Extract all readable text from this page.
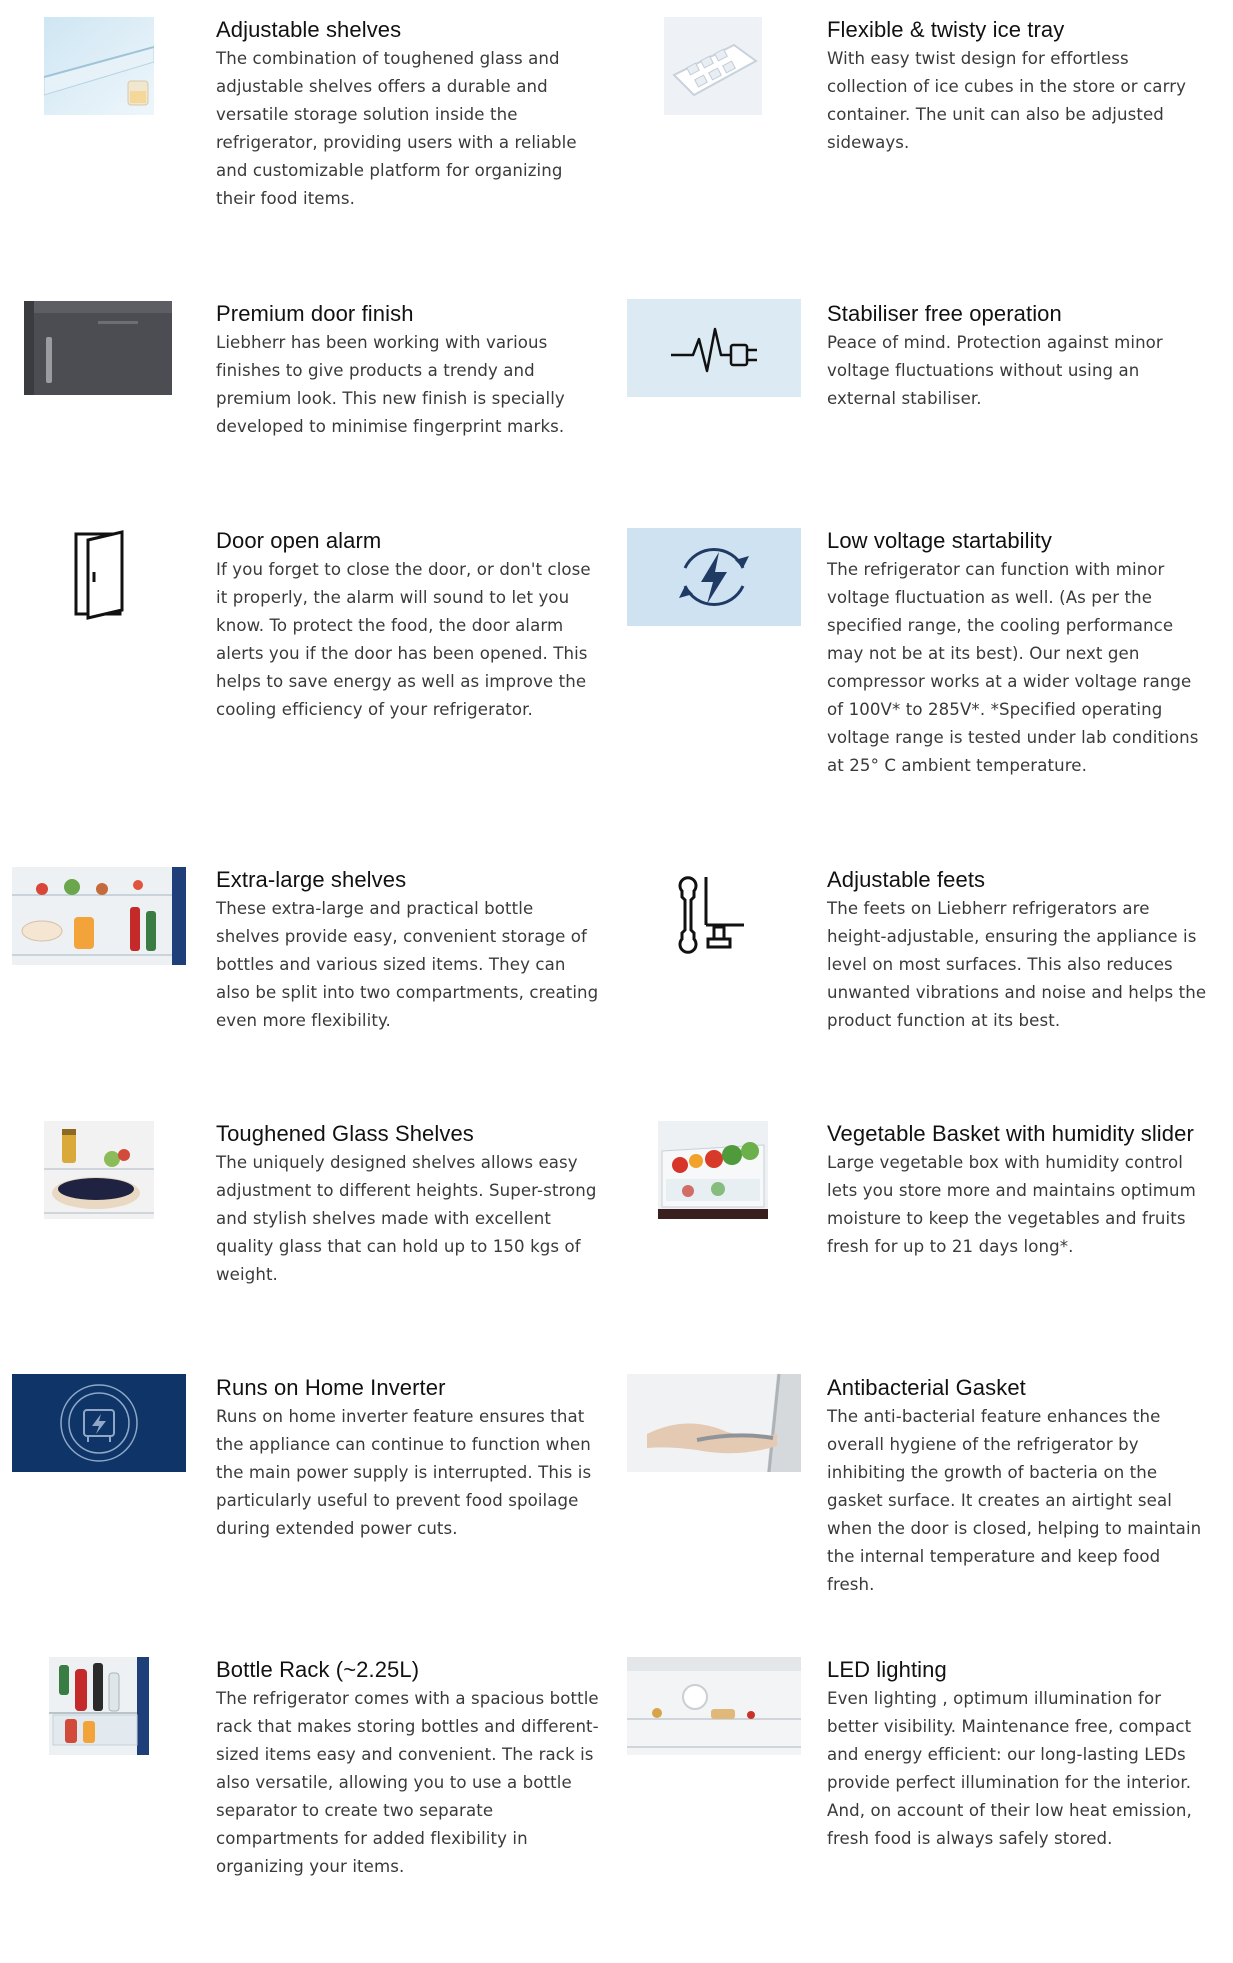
Adjustable shelves

The combination of toughened glass and adjustable shelves offers a durable and versatile storage solution inside the refrigerator, providing users with a reliable and customizable platform for organizing their food items.

Flexible & twisty ice tray

With easy twist design for effortless collection of ice cubes in the store or carry container. The unit can also be adjusted sideways.

Premium door finish

Liebherr has been working with various finishes to give products a trendy and premium look. This new finish is specially developed to minimise fingerprint marks.

Stabiliser free operation

Peace of mind. Protection against minor voltage fluctuations without using an external stabiliser.

Door open alarm

If you forget to close the door, or don't close it properly, the alarm will sound to let you know. To protect the food, the door alarm alerts you if the door has been opened. This helps to save energy as well as improve the cooling efficiency of your refrigerator.

Low voltage startability

The refrigerator can function with minor voltage fluctuation as well. (As per the specified range, the cooling performance may not be at its best). Our next gen compressor works at a wider voltage range of 100V* to 285V*. *Specified operating voltage range is tested under lab conditions at 25° C ambient temperature.

Extra-large shelves

These extra-large and practical bottle shelves provide easy, convenient storage of bottles and various sized items. They can also be split into two compartments, creating even more flexibility.

Adjustable feets

The feets on Liebherr refrigerators are height-adjustable, ensuring the appliance is level on most surfaces. This also reduces unwanted vibrations and noise and helps the product function at its best.

Toughened Glass Shelves

The uniquely designed shelves allows easy adjustment to different heights. Super-strong and stylish shelves made with excellent quality glass that can hold up to 150 kgs of weight.

Vegetable Basket with humidity slider

Large vegetable box with humidity control lets you store more and maintains optimum moisture to keep the vegetables and fruits fresh for up to 21 days long*.

Runs on Home Inverter

Runs on home inverter feature ensures that the appliance can continue to function when the main power supply is interrupted. This is particularly useful to prevent food spoilage during extended power cuts.

Antibacterial Gasket

The anti-bacterial feature enhances the overall hygiene of the refrigerator by inhibiting the growth of bacteria on the gasket surface. It creates an airtight seal when the door is closed, helping to maintain the internal temperature and keep food fresh.

Bottle Rack (~2.25L)

The refrigerator comes with a spacious bottle rack that makes storing bottles and different-sized items easy and convenient. The rack is also versatile, allowing you to use a bottle separator to create two separate compartments for added flexibility in organizing your items.

LED lighting

Even lighting , optimum illumination for better visibility. Maintenance free, compact and energy efficient: our long-lasting LEDs provide perfect illumination for the interior. And, on account of their low heat emission, fresh food is always safely stored.
